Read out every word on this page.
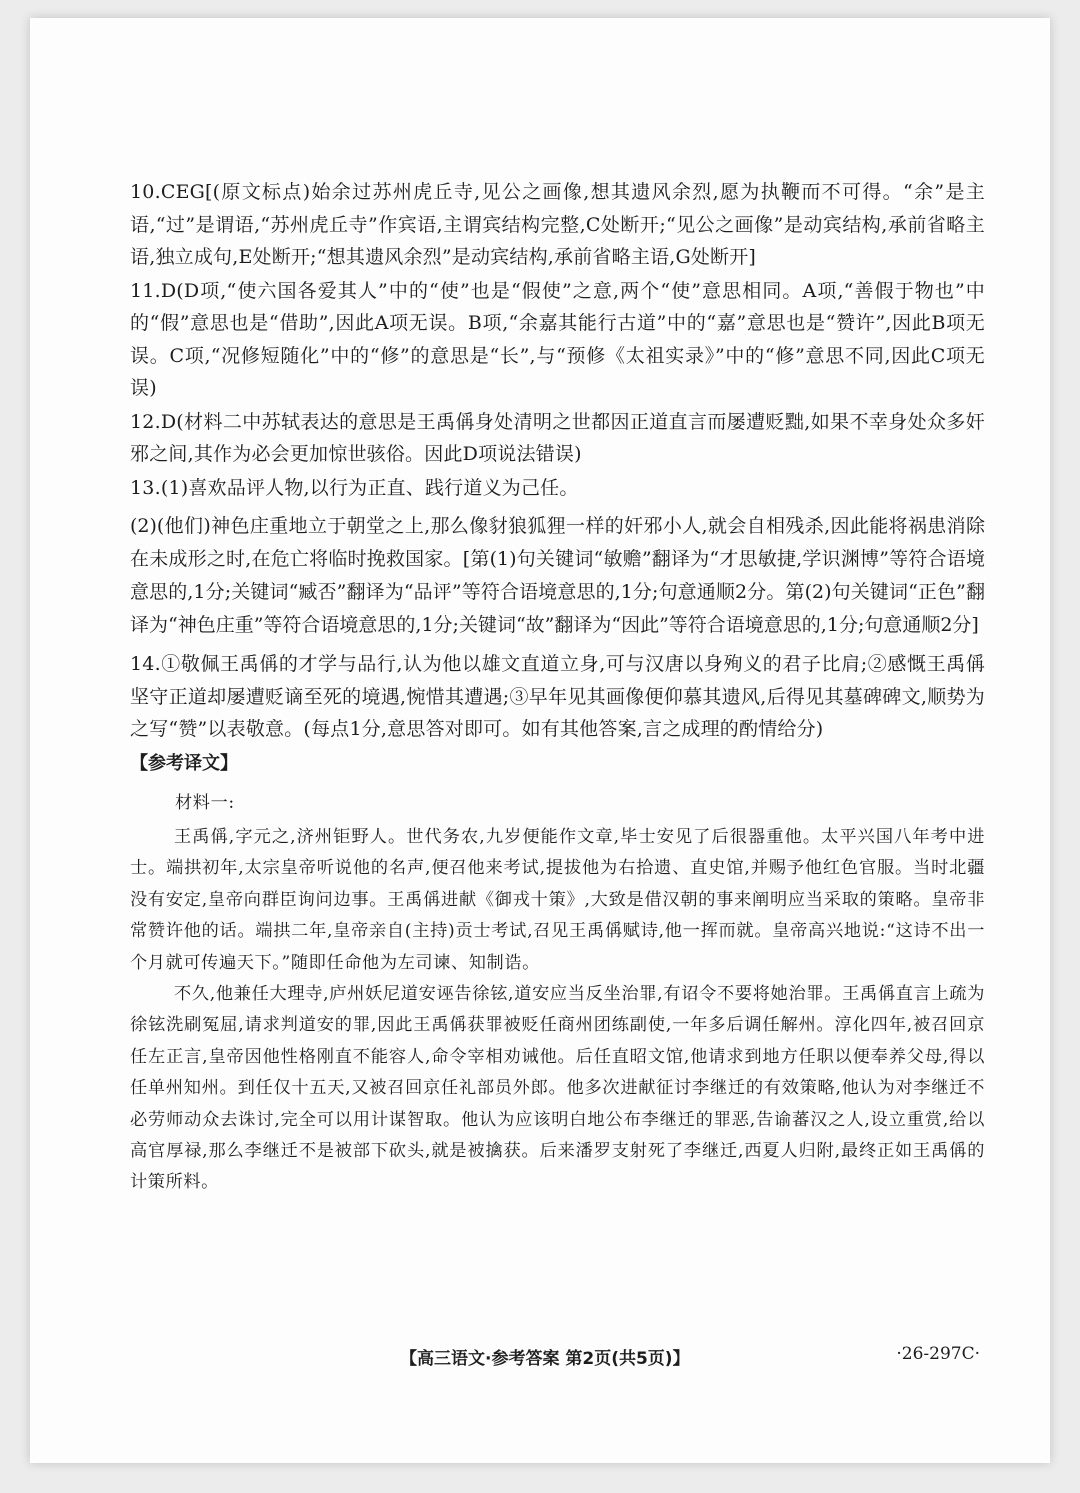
10.CEG[(原文标点)始余过苏州虎丘寺,见公之画像,想其遗风余烈,愿为执鞭而不可得。“余”是主语,“过”是谓语,“苏州虎丘寺”作宾语,主谓宾结构完整,C处断开;“见公之画像”是动宾结构,承前省略主语,独立成句,E处断开;“想其遗风余烈”是动宾结构,承前省略主语,G处断开]
11.D(D项,“使六国各爱其人”中的“使”也是“假使”之意,两个“使”意思相同。A项,“善假于物也”中的“假”意思也是“借助”,因此A项无误。B项,“余嘉其能行古道”中的“嘉”意思也是“赞许”,因此B项无误。C项,“况修短随化”中的“修”的意思是“长”,与“预修《太祖实录》”中的“修”意思不同,因此C项无误)
12.D(材料二中苏轼表达的意思是王禹偁身处清明之世都因正道直言而屡遭贬黜,如果不幸身处众多奸邪之间,其作为必会更加惊世骇俗。因此D项说法错误)
13.(1)喜欢品评人物,以行为正直、践行道义为己任。
(2)(他们)神色庄重地立于朝堂之上,那么像豺狼狐狸一样的奸邪小人,就会自相残杀,因此能将祸患消除在未成形之时,在危亡将临时挽救国家。[第(1)句关键词“敏赡”翻译为“才思敏捷,学识渊博”等符合语境意思的,1分;关键词“臧否”翻译为“品评”等符合语境意思的,1分;句意通顺2分。第(2)句关键词“正色”翻译为“神色庄重”等符合语境意思的,1分;关键词“故”翻译为“因此”等符合语境意思的,1分;句意通顺2分]
14.①敬佩王禹偁的才学与品行,认为他以雄文直道立身,可与汉唐以身殉义的君子比肩;②感慨王禹偁坚守正道却屡遭贬谪至死的境遇,惋惜其遭遇;③早年见其画像便仰慕其遗风,后得见其墓碑碑文,顺势为之写“赞”以表敬意。(每点1分,意思答对即可。如有其他答案,言之成理的酌情给分)
【参考译文】
材料一:

王禹偁,字元之,济州钜野人。世代务农,九岁便能作文章,毕士安见了后很器重他。太平兴国八年考中进士。端拱初年,太宗皇帝听说他的名声,便召他来考试,提拔他为右拾遗、直史馆,并赐予他红色官服。当时北疆没有安定,皇帝向群臣询问边事。王禹偁进献《御戎十策》,大致是借汉朝的事来阐明应当采取的策略。皇帝非常赞许他的话。端拱二年,皇帝亲自(主持)贡士考试,召见王禹偁赋诗,他一挥而就。皇帝高兴地说:“这诗不出一个月就可传遍天下。”随即任命他为左司谏、知制诰。

不久,他兼任大理寺,庐州妖尼道安诬告徐铉,道安应当反坐治罪,有诏令不要将她治罪。王禹偁直言上疏为徐铉洗刷冤屈,请求判道安的罪,因此王禹偁获罪被贬任商州团练副使,一年多后调任解州。淳化四年,被召回京任左正言,皇帝因他性格刚直不能容人,命令宰相劝诫他。后任直昭文馆,他请求到地方任职以便奉养父母,得以任单州知州。到任仅十五天,又被召回京任礼部员外郎。他多次进献征讨李继迁的有效策略,他认为对李继迁不必劳师动众去诛讨,完全可以用计谋智取。他认为应该明白地公布李继迁的罪恶,告谕蕃汉之人,设立重赏,给以高官厚禄,那么李继迁不是被部下砍头,就是被擒获。后来潘罗支射死了李继迁,西夏人归附,最终正如王禹偁的计策所料。

【高三语文·参考答案 第2页(共5页)】	·26-297C·
